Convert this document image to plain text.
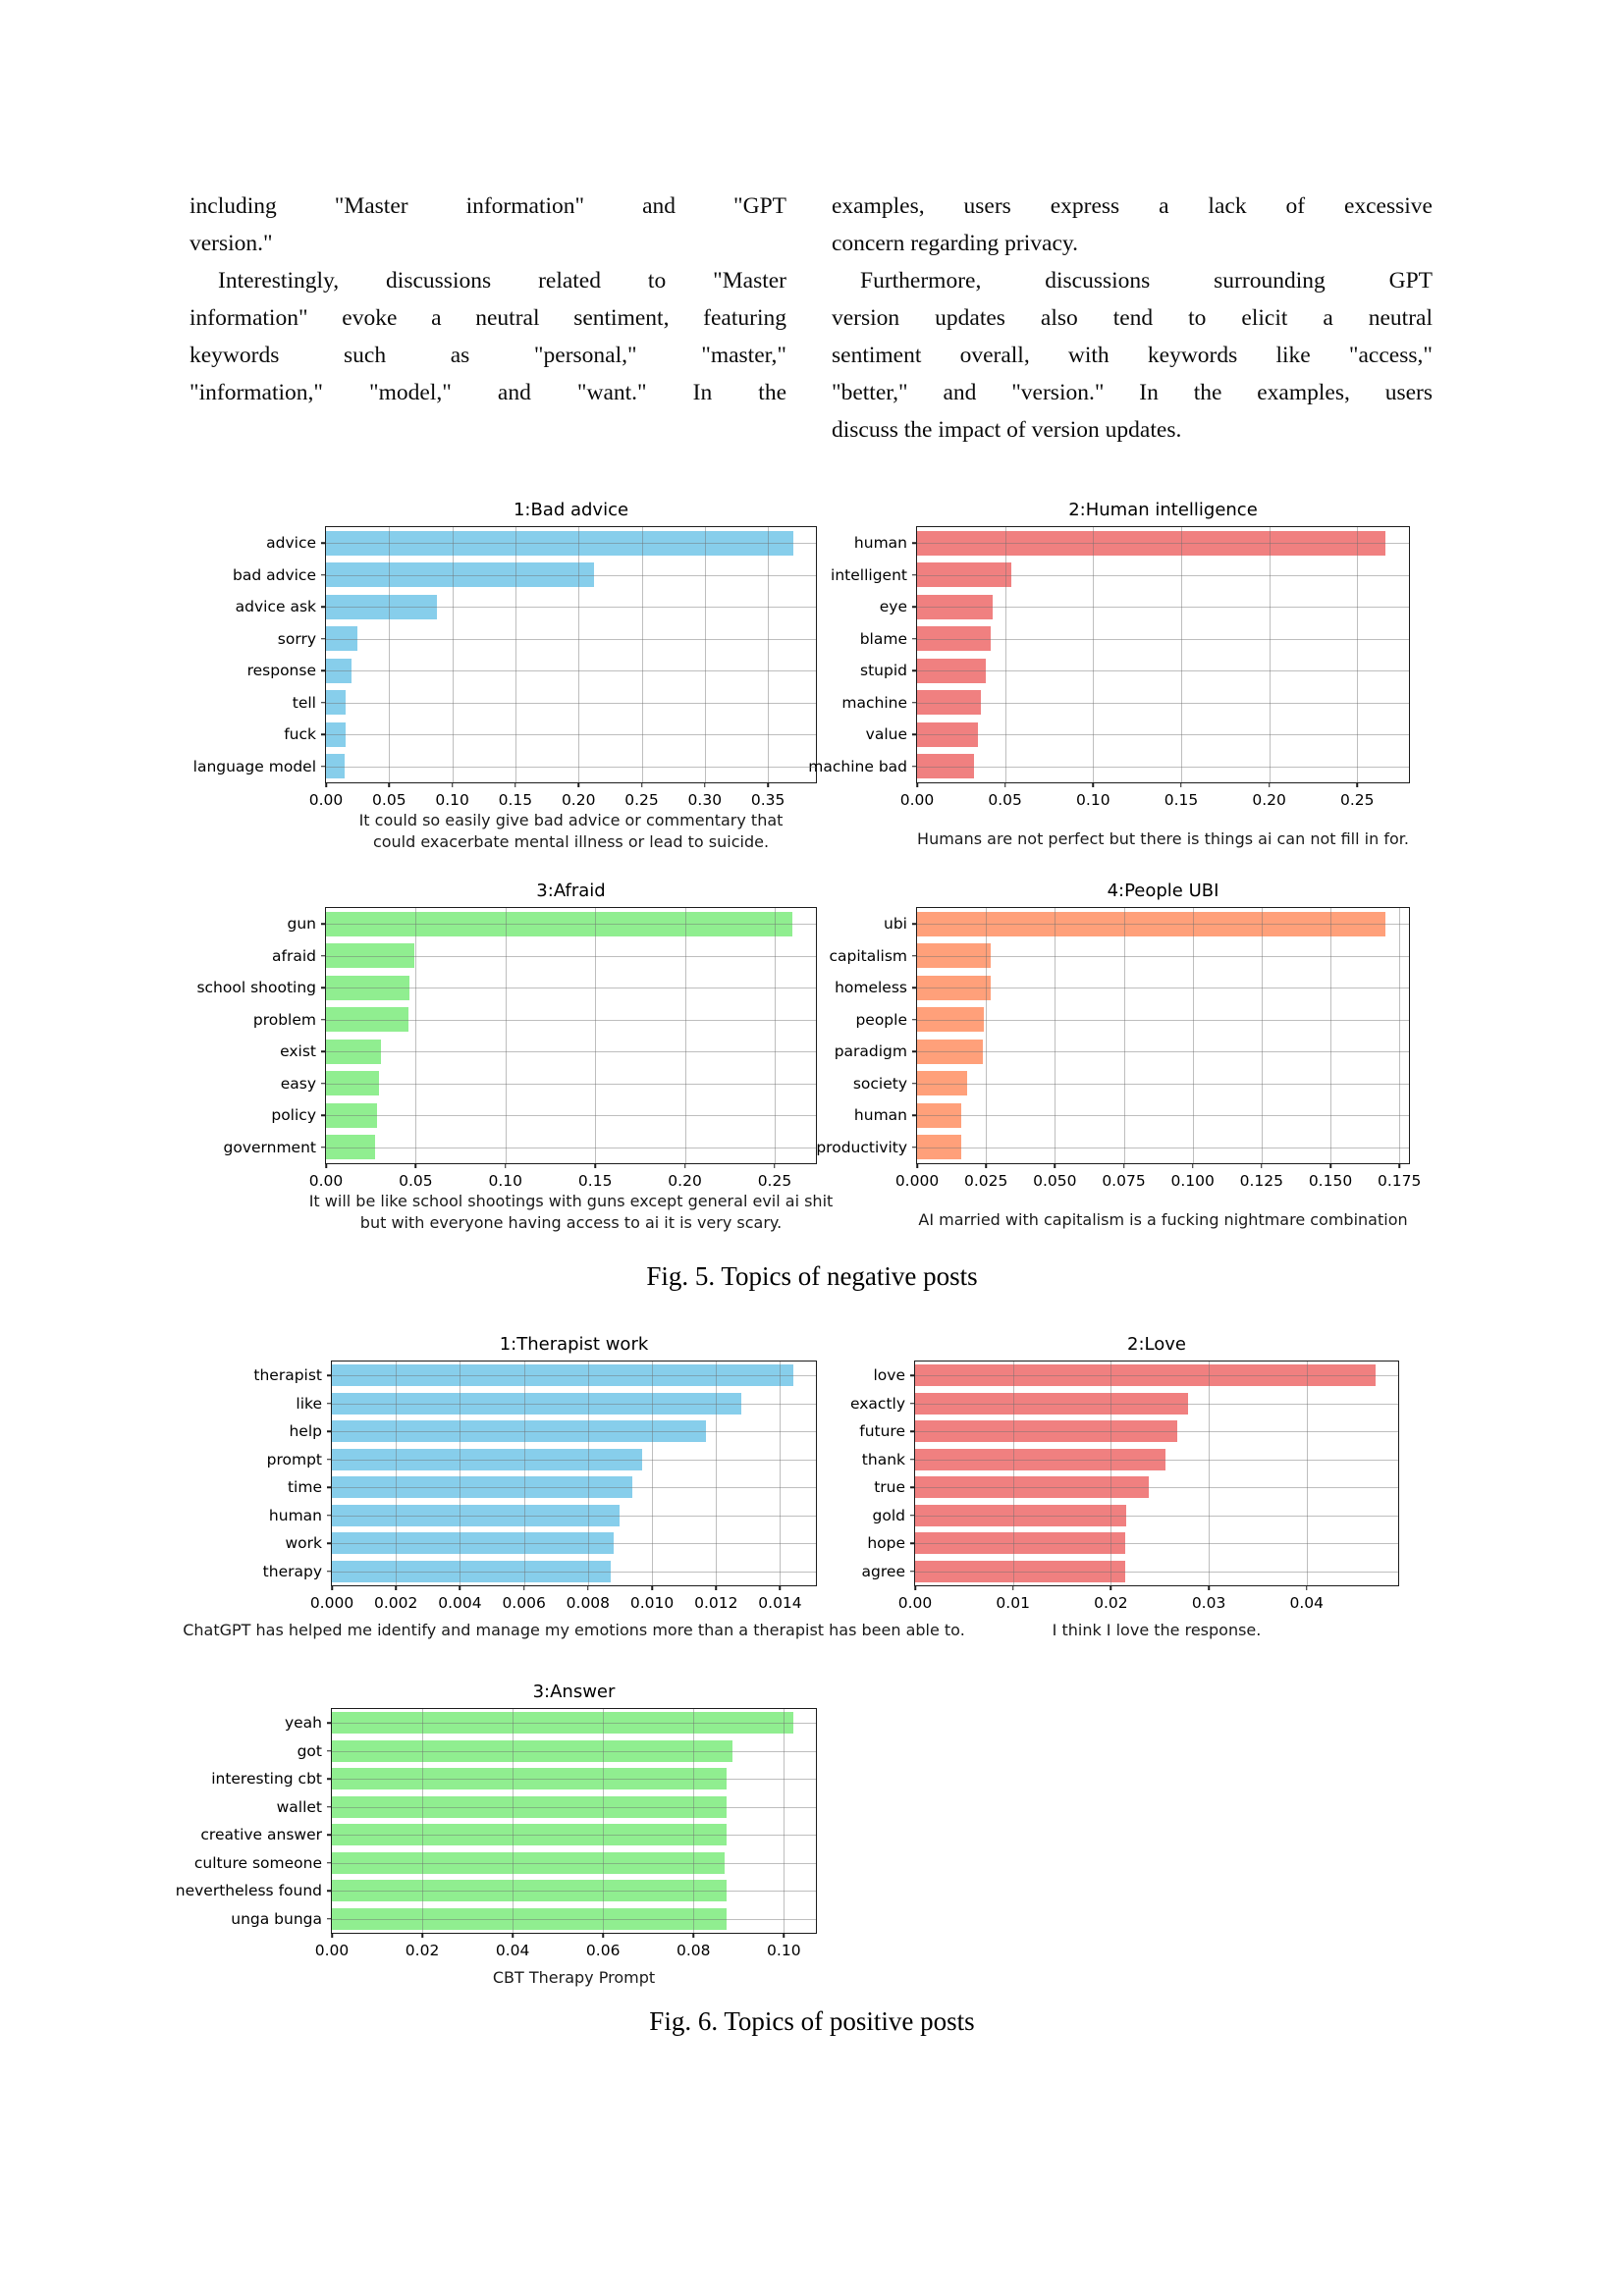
including "Master information" and "GPT
version."
Interestingly, discussions related to "Master
information" evoke a neutral sentiment, featuring
keywords such as "personal," "master,"
"information," "model," and "want." In the
examples, users express a lack of excessive
concern regarding privacy.
Furthermore, discussions surrounding GPT
version updates also tend to elicit a neutral
sentiment overall, with keywords like "access,"
"better," and "version." In the examples, users
discuss the impact of version updates.
1:Bad advice
advice
bad advice
advice ask
sorry
response
tell
fuck
language model
0.00 0.05 0.10 0.15 0.20 0.25 0.30 0.35
It could so easily give bad advice or commentary that
could exacerbate mental illness or lead to suicide.
2:Human intelligence
human
intelligent
eye
blame
stupid
machine
value
machine bad
0.00	0.05	0.10	0.15	0.20	0.25
Humans are not perfect but there is things ai can not fill in for.
3:Afraid
gun
afraid
school shooting
problem
exist
easy
policy
government
0.00	0.05	0.10	0.15	0.20	0.25
It will be like school shootings with guns except general evil ai shit
but with everyone having access to ai it is very scary.
4:People UBI
ubi
capitalism
homeless
people
paradigm
society
human
productivity
0.000 0.025 0.050 0.075 0.100 0.125 0.150 0.175
AI married with capitalism is a fucking nightmare combination
1:Therapist work
therapist
like
help
prompt
time
human
work
therapy
0.000 0.002 0.004 0.006 0.008 0.010 0.012 0.014
ChatGPT has helped me identify and manage my emotions more than a therapist has been able to.
2:Love
love
exactly
future
thank
true
gold
hope
agree
0.00	0.01	0.02	0.03	0.04
I think I love the response.
3:Answer
yeah
got
interesting cbt
wallet
creative answer
culture someone
nevertheless found
unga bunga
0.00	0.02	0.04	0.06	0.08	0.10
CBT Therapy Prompt
Fig. 5. Topics of negative posts
Fig. 6. Topics of positive posts
